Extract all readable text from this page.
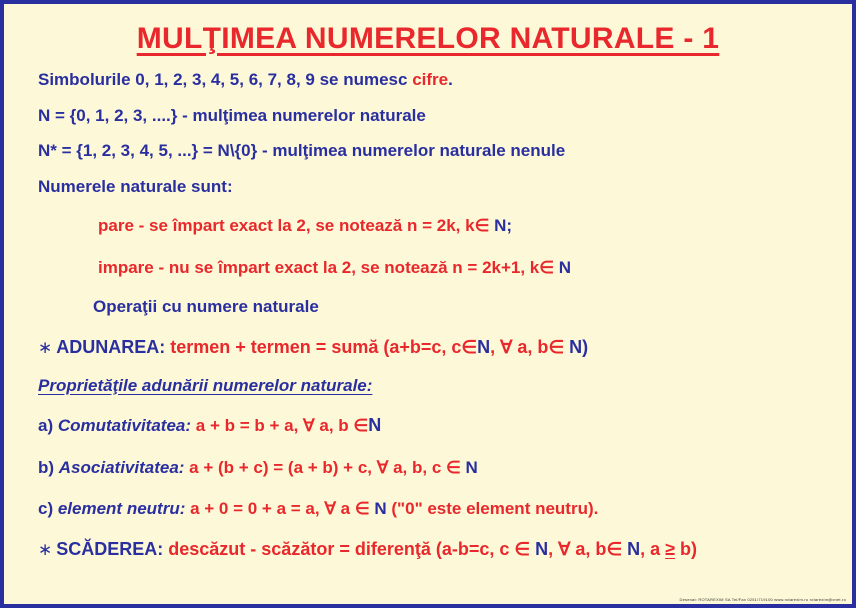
MULŢIMEA NUMERELOR NATURALE - 1
Simbolurile 0, 1, 2, 3, 4, 5, 6, 7, 8, 9 se numesc cifre.
N = {0, 1, 2, 3, ....} - mulţimea numerelor naturale
N* = {1, 2, 3, 4, 5, ...} = N\{0} - mulţimea numerelor naturale nenule
Numerele naturale sunt:
pare - se împart exact la 2, se notează n = 2k, k∈ N;
impare - nu se împart exact la 2, se notează n = 2k+1, k∈ N
Operaţii cu numere naturale
∗ ADUNAREA: termen + termen = sumă (a+b=c, c∈N, ∀ a, b∈ N)
Proprietăţile adunării numerelor naturale:
a) Comutativitatea: a + b = b + a, ∀ a, b ∈N
b) Asociativitatea: a + (b + c) = (a + b) + c, ∀ a, b, c ∈ N
c) element neutru: a + 0 = 0 + a = a, ∀ a ∈ N ("0" este element neutru).
∗ SCĂDEREA: descăzut - scăzător = diferenţă (a-b=c, c ∈ N, ∀ a, b∈ N, a ≥ b)
Desenat: ROTAREXIM SA Tel/Fax 0251/719100 www.rotarexim.ro rotarexim@xnet.ro
